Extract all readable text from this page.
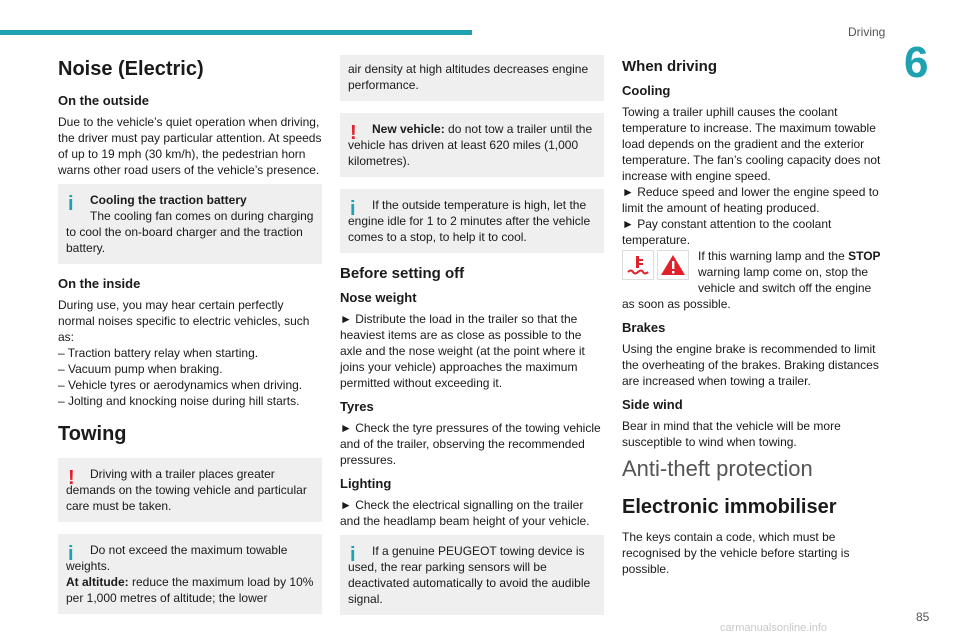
Driving
6
Noise (Electric)
On the outside

Due to the vehicle’s quiet operation when driving, the driver must pay particular attention. At speeds of up to 19 mph (30 km/h), the pedestrian horn warns other road users of the vehicle’s presence.

i	Cooling the traction battery
The cooling fan comes on during charging to cool the on-board charger and the traction battery.
On the inside

During use, you may hear certain perfectly normal noises specific to electric vehicles, such as:

– Traction battery relay when starting.

– Vacuum pump when braking.

– Vehicle tyres or aerodynamics when driving.

– Jolting and knocking noise during hill starts.

Towing
!	Driving with a trailer places greater demands on the towing vehicle and particular care must be taken.
i	Do not exceed the maximum towable weights.
At altitude: reduce the maximum load by 10% per 1,000 metres of altitude; the lower
air density at high altitudes decreases engine performance.
!	New vehicle: do not tow a trailer until the vehicle has driven at least 620 miles (1,000 kilometres).
i	If the outside temperature is high, let the engine idle for 1 to 2 minutes after the vehicle comes to a stop, to help it to cool.
Before setting off
Nose weight

► Distribute the load in the trailer so that the heaviest items are as close as possible to the axle and the nose weight (at the point where it joins your vehicle) approaches the maximum permitted without exceeding it.

Tyres

► Check the tyre pressures of the towing vehicle and of the trailer, observing the recommended pressures.

Lighting

► Check the electrical signalling on the trailer and the headlamp beam height of your vehicle.

i	If a genuine PEUGEOT towing device is used, the rear parking sensors will be deactivated automatically to avoid the audible signal.
When driving
Cooling

Towing a trailer uphill causes the coolant temperature to increase. The maximum towable load depends on the gradient and the exterior temperature. The fan’s cooling capacity does not increase with engine speed.

► Reduce speed and lower the engine speed to limit the amount of heating produced.

► Pay constant attention to the coolant temperature.

If this warning lamp and the STOP warning lamp come on, stop the vehicle and switch off the engine as soon as possible.

Brakes

Using the engine brake is recommended to limit the overheating of the brakes. Braking distances are increased when towing a trailer.

Side wind

Bear in mind that the vehicle will be more susceptible to wind when towing.

Anti-theft protection
Electronic immobiliser

The keys contain a code, which must be recognised by the vehicle before starting is possible.

carmanualsonline.info
85
